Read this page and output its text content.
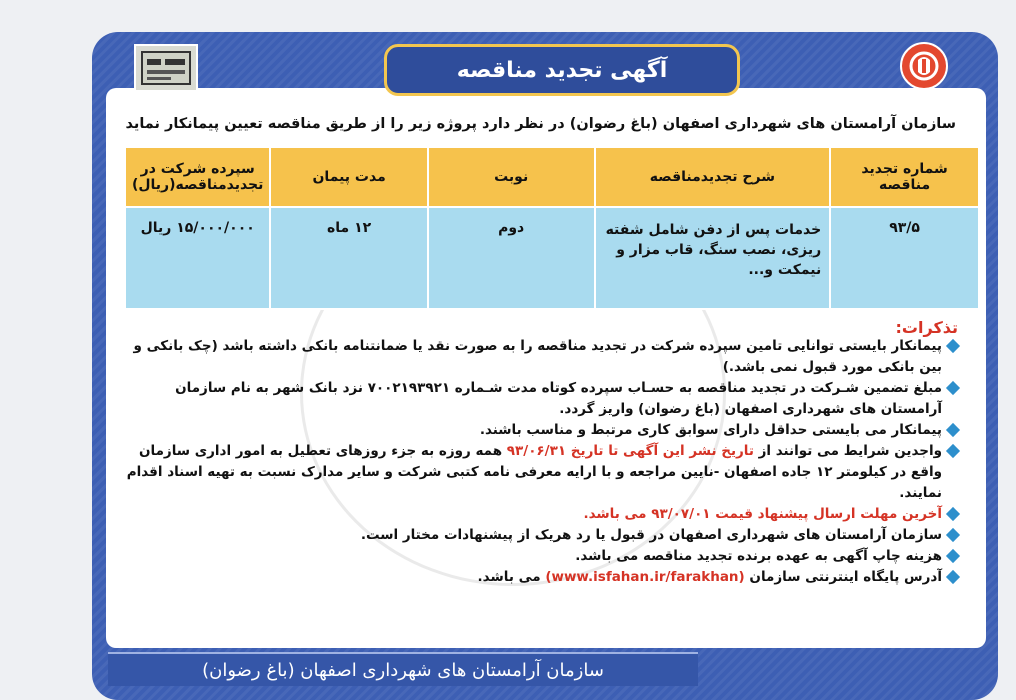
آگهی تجدید مناقصه
سازمان آرامستان های شهرداری اصفهان (باغ رضوان) در نظر دارد پروژه زیر را از طریق مناقصه تعیین پیمانکار نماید
شماره تجدید مناقصه	شرح تجدیدمناقصه	نوبت	مدت پیمان	سپرده شرکت در تجدیدمناقصه(ریال)
۹۳/۵	خدمات پس از دفن شامل شفته ریزی، نصب سنگ، قاب مزار و نیمکت و...	دوم	۱۲ ماه	۱۵/۰۰۰/۰۰۰ ریال
تذکرات:

پیمانکار بایستی توانایی تامین سپرده شرکت در تجدید مناقصه را به صورت نقد یا ضمانتنامه بانکی داشته باشد (چک بانکی و بین بانکی مورد قبول نمی باشد.)

مبلغ تضمین شـرکت در تجدید مناقصه به حسـاب سپرده کوتاه مدت شـماره ۷۰۰۲۱۹۳۹۲۱ نزد بانک شهر به نام سازمان آرامستان های شهرداری اصفهان (باغ رضوان) واریز گردد.

پیمانکار می بایستی حداقل دارای سوابق کاری مرتبط و مناسب باشند.

واجدین شرایط می توانند از تاریخ نشر این آگهی تا تاریخ ۹۳/۰۶/۳۱ همه روزه به جزء روزهای تعطیل به امور اداری سازمان واقع در کیلومتر ۱۲ جاده اصفهان -نایین مراجعه و با ارایه معرفی نامه کتبی شرکت و سایر مدارک نسبت به تهیه اسناد اقدام نمایند.

آخرین مهلت ارسال پیشنهاد قیمت ۹۳/۰۷/۰۱ می باشد.

سازمان آرامستان های شهرداری اصفهان در قبول یا رد هریک از پیشنهادات مختار است.

هزینه چاپ آگهی به عهده برنده تجدید مناقصه می باشد.

آدرس پایگاه اینترنتی سازمان (www.isfahan.ir/farakhan) می باشد.

سازمان آرامستان های شهرداری اصفهان (باغ رضوان)
